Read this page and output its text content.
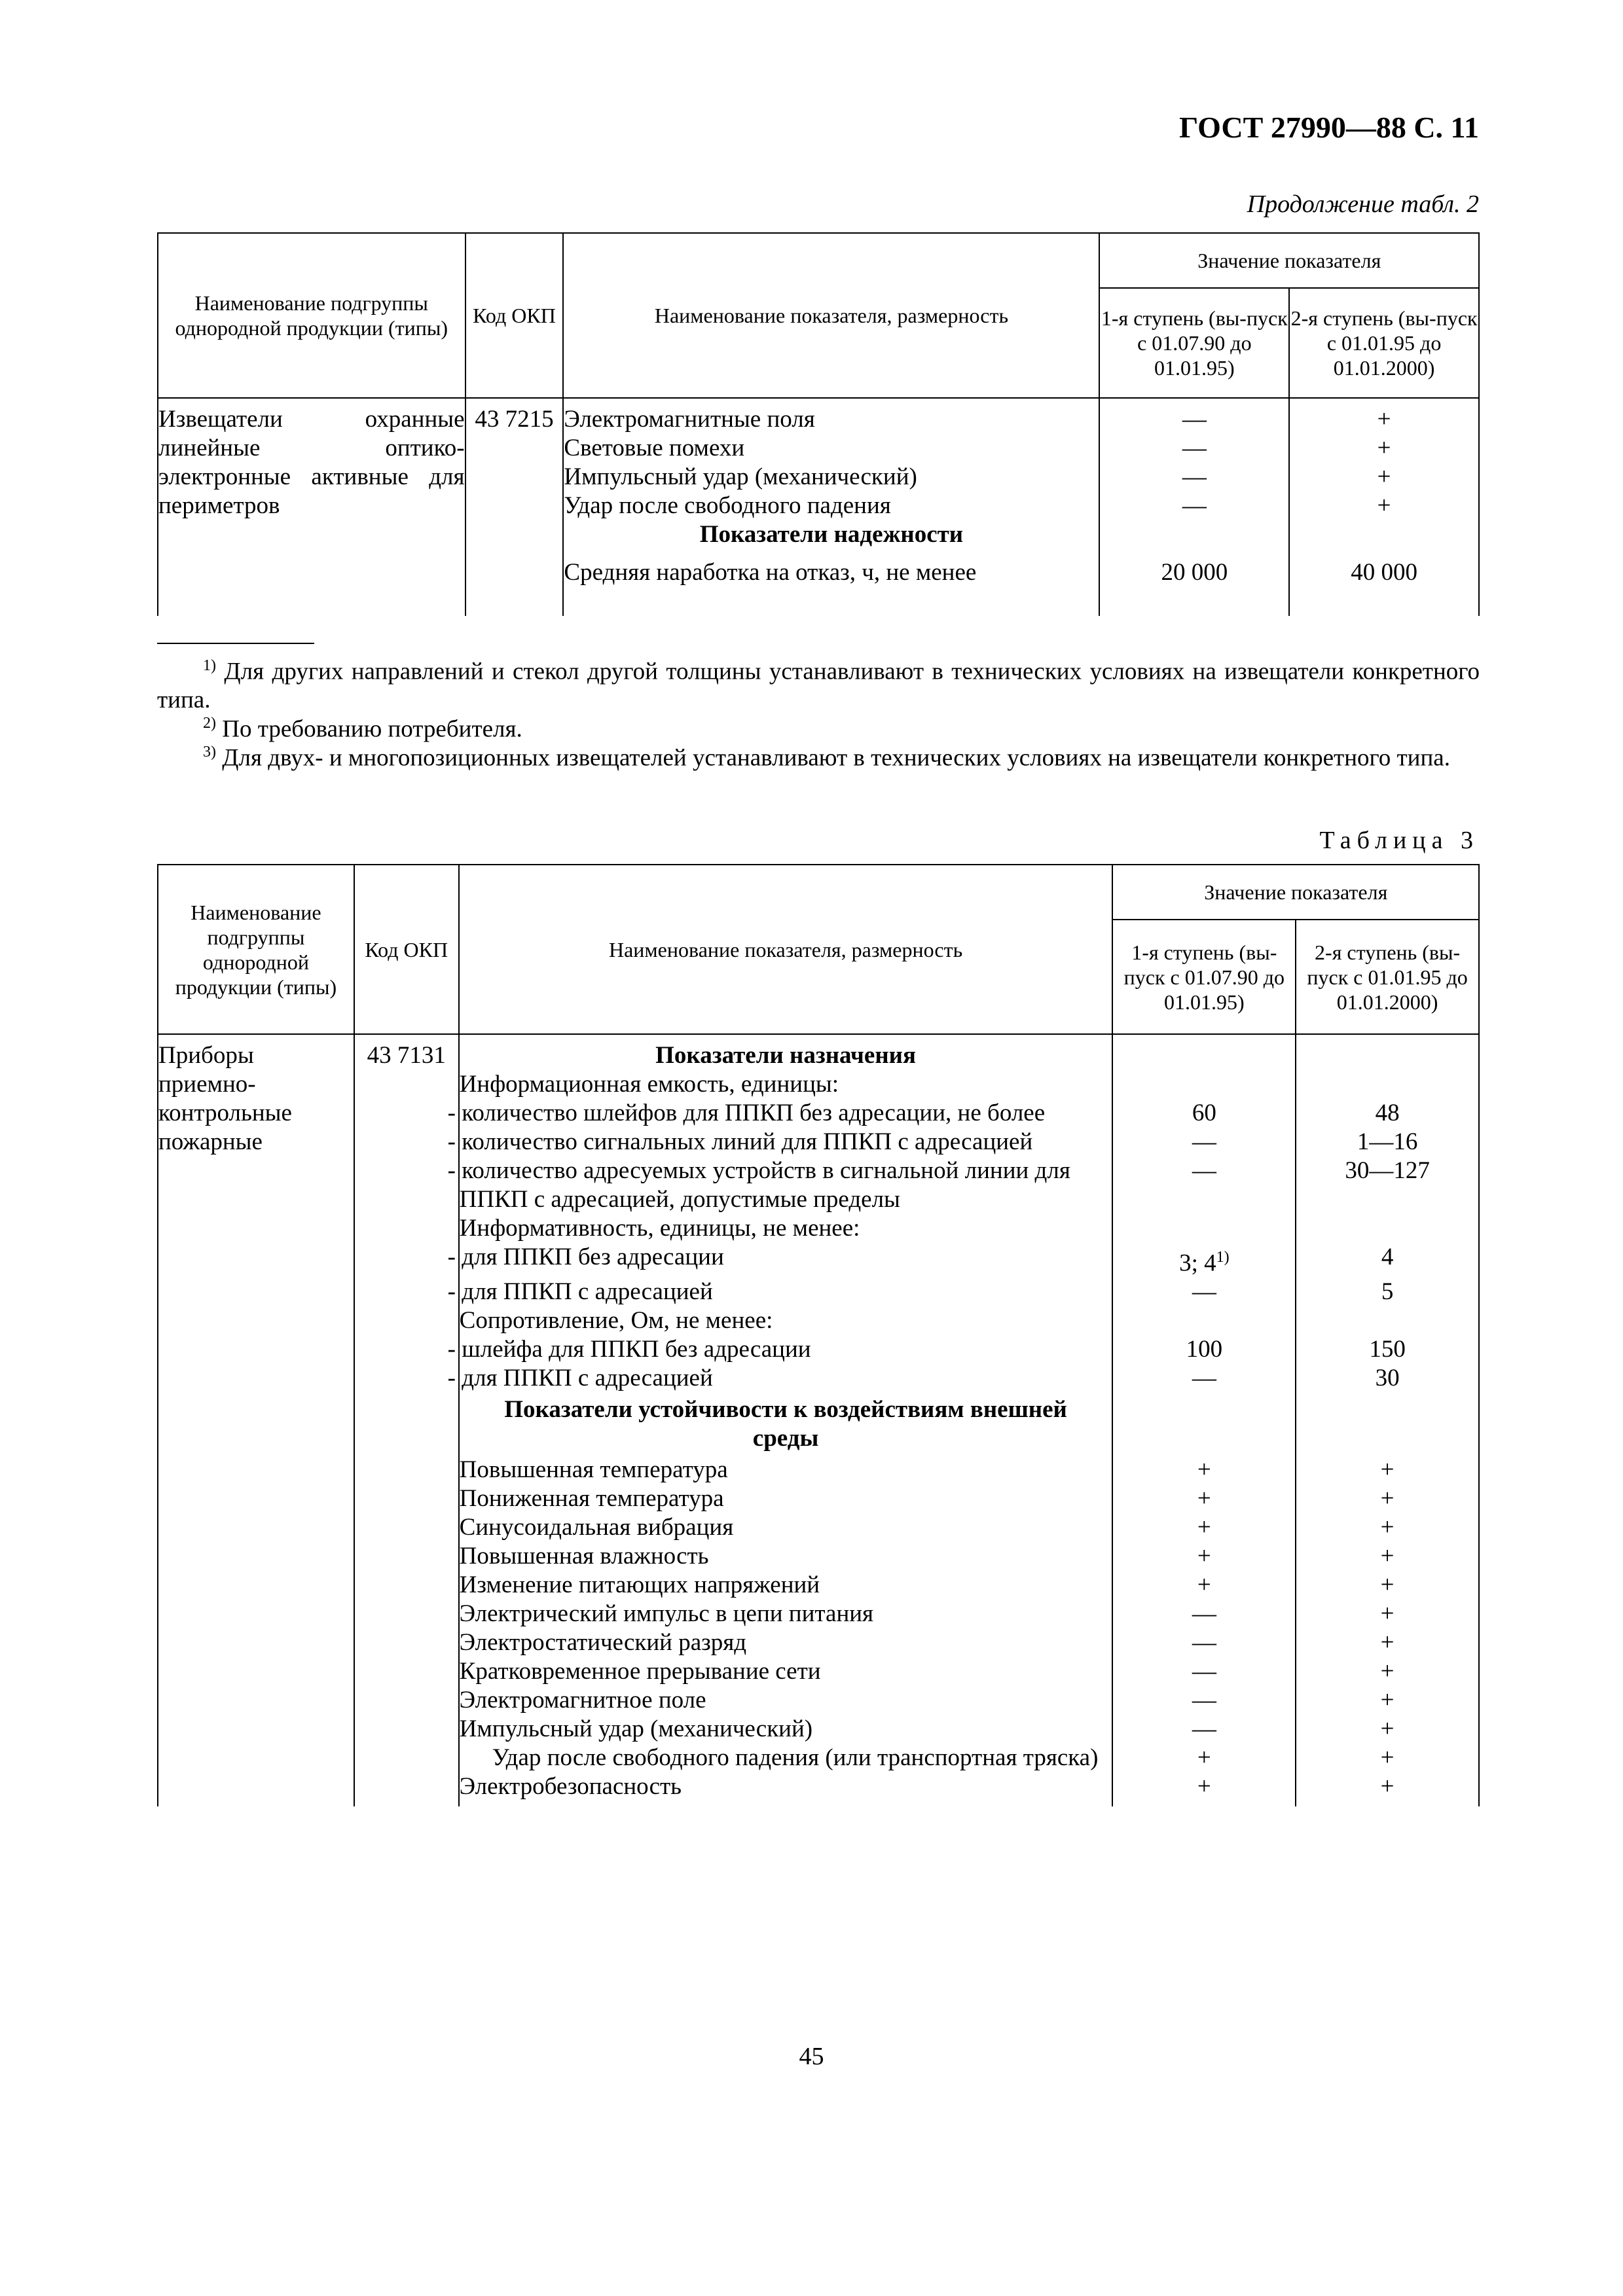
ГОСТ 27990—88 С. 11
Продолжение табл. 2
Наименование подгруппы однородной продукции (типы)	Код ОКП	Наименование показателя, размерность	Значение показателя	
			1-я ступень (вы-пуск с 01.07.90 до 01.01.95)	2-я ступень (вы-пуск с 01.01.95 до 01.01.2000)
Извещатели охранные линейные оптико-электронные активные для периметров	43 7215	Электромагнитные поля	—	+
		Световые помехи	—	+
		Импульсный удар (механический)	—	+
		Удар после свободного падения	—	+
		Показатели надежности		
		Средняя наработка на отказ, ч, не менее	20 000	40 000
$^{1)}$ Для других направлений и стекол другой толщины устанавливают в технических условиях на извещатели конкретного типа.
$^{2)}$ По требованию потребителя.
$^{3)}$ Для двух- и многопозиционных извещателей устанавливают в технических условиях на извещатели конкретного типа.
Таблица 3
Наименование подгруппы однородной продукции (типы)	Код ОКП	Наименование показателя, размерность	Значение показателя	
			1-я ступень (вы-пуск с 01.07.90 до 01.01.95)	2-я ступень (вы-пуск с 01.01.95 до 01.01.2000)
Приборы приемно-контрольные пожарные	43 7131	Показатели назначения		
		Информационная емкость, единицы:		
		- количество шлейфов для ППКП без адресации, не более	60	48
		- количество сигнальных линий для ППКП с адресацией	—	1—16
		- количество адресуемых устройств в сигнальной линии для ППКП с адресацией, допустимые пределы	—	30—127
		Информативность, единицы, не менее:		
		- для ППКП без адресации	3; 4$^{1)}$	4
		- для ППКП с адресацией	—	5
		Сопротивление, Ом, не менее:		
		- шлейфа для ППКП без адресации	100	150
		- для ППКП с адресацией	—	30
		Показатели устойчивости к воздействиям внешней среды		
		Повышенная температура	+	+
		Пониженная температура	+	+
		Синусоидальная вибрация	+	+
		Повышенная влажность	+	+
		Изменение питающих напряжений	+	+
		Электрический импульс в цепи питания	—	+
		Электростатический разряд	—	+
		Кратковременное прерывание сети	—	+
		Электромагнитное поле	—	+
		Импульсный удар (механический)	—	+
		Удар после свободного падения (или транспортная тряска)	+	+
		Электробезопасность	+	+
45
